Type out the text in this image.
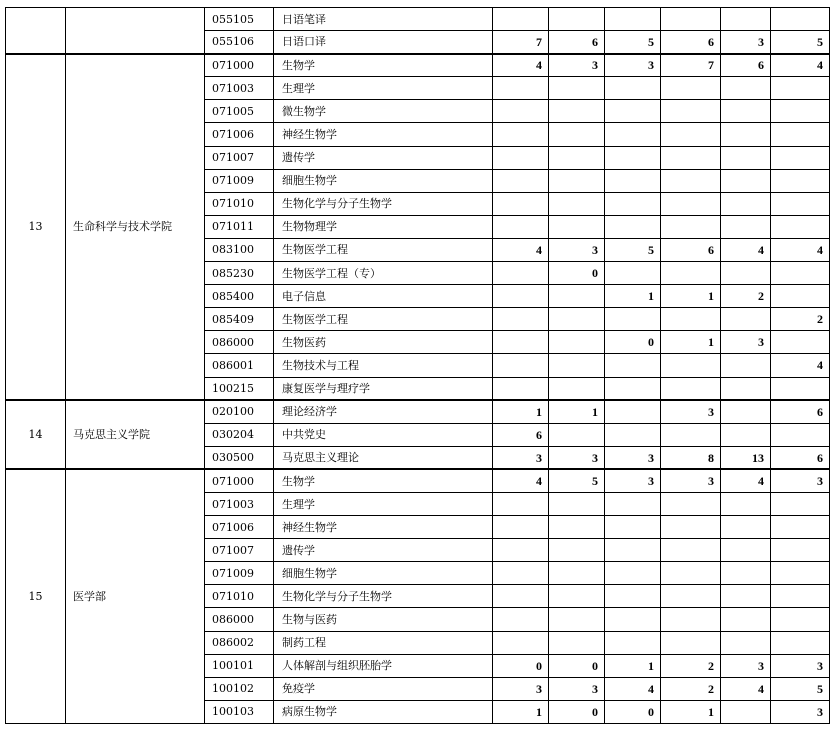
		055105	日语笔译						
		055106	日语口译	7	6	5	6	3	5
13	生命科学与技术学院	071000	生物学	4	3	3	7	6	4
		071003	生理学						
		071005	微生物学						
		071006	神经生物学						
		071007	遗传学						
		071009	细胞生物学						
		071010	生物化学与分子生物学						
		071011	生物物理学						
		083100	生物医学工程	4	3	5	6	4	4
		085230	生物医学工程（专）		0				
		085400	电子信息			1	1	2	
		085409	生物医学工程						2
		086000	生物医药			0	1	3	
		086001	生物技术与工程						4
		100215	康复医学与理疗学						
14	马克思主义学院	020100	理论经济学	1	1		3		6
		030204	中共党史	6					
		030500	马克思主义理论	3	3	3	8	13	6
15	医学部	071000	生物学	4	5	3	3	4	3
		071003	生理学						
		071006	神经生物学						
		071007	遗传学						
		071009	细胞生物学						
		071010	生物化学与分子生物学						
		086000	生物与医药						
		086002	制药工程						
		100101	人体解剖与组织胚胎学	0	0	1	2	3	3
		100102	免疫学	3	3	4	2	4	5
		100103	病原生物学	1	0	0	1		3
